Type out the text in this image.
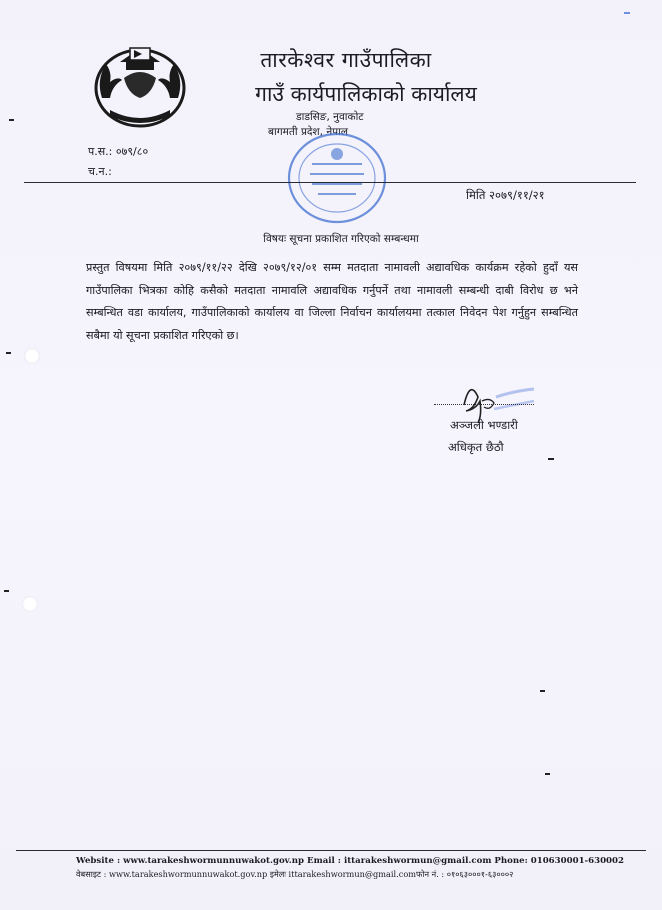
तारकेश्वर गाउँपालिका
गाउँ कार्यपालिकाको कार्यालय
डाडसिङ, नुवाकोट
बागमती प्रदेश, नेपाल
प.स.: ०७९/८०
च.न.:
मिति २०७९/११/२१
विषयः सूचना प्रकाशित गरिएको सम्बन्धमा
प्रस्तुत विषयमा मिति २०७९/११/२२ देखि २०७९/१२/०१ सम्म मतदाता नामावली अद्यावधिक कार्यक्रम रहेको हुदाँ यस गाउँपालिका भित्रका कोहि कसैको मतदाता नामावलि अद्यावधिक गर्नुपर्ने तथा नामावली सम्बन्धी दाबी विरोध छ भने सम्बन्धित वडा कार्यालय, गाउँपालिकाको कार्यालय वा जिल्ला निर्वाचन कार्यालयमा तत्काल निवेदन पेश गर्नुहुन सम्बन्धित सबैमा यो सूचना प्रकाशित गरिएको छ।
अञ्जली भण्डारी
अधिकृत छैठौ
Website : www.tarakeshwormunnuwakot.gov.np Email : ittarakeshwormun@gmail.com Phone: 010630001-630002
वेबसाइट : www.tarakeshwormunnuwakot.gov.np इमेलः ittarakeshwormun@gmail.comफोन नं. : ०१०६३०००१-६३०००२
